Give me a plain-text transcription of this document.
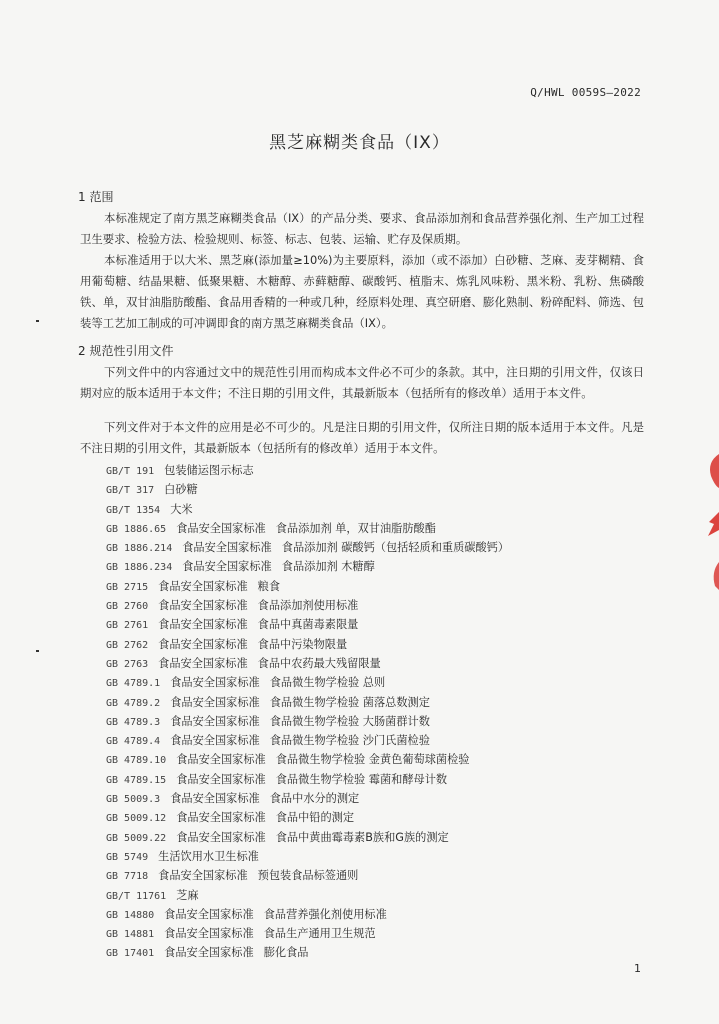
Q/HWL 0059S—2022
黑芝麻糊类食品（IX）
1 范围
本标准规定了南方黑芝麻糊类食品（IX）的产品分类、要求、食品添加剂和食品营养强化剂、生产加工过程卫生要求、检验方法、检验规则、标签、标志、包装、运输、贮存及保质期。
本标准适用于以大米、黑芝麻(添加量≥10%)为主要原料，添加（或不添加）白砂糖、芝麻、麦芽糊精、食用葡萄糖、结晶果糖、低聚果糖、木糖醇、赤藓糖醇、碳酸钙、植脂末、炼乳风味粉、黑米粉、乳粉、焦磷酸铁、单，双甘油脂肪酸酯、食品用香精的一种或几种，经原料处理、真空研磨、膨化熟制、粉碎配料、筛选、包装等工艺加工制成的可冲调即食的南方黑芝麻糊类食品（IX）。
2 规范性引用文件
下列文件中的内容通过文中的规范性引用而构成本文件必不可少的条款。其中，注日期的引用文件，仅该日期对应的版本适用于本文件；不注日期的引用文件，其最新版本（包括所有的修改单）适用于本文件。
下列文件对于本文件的应用是必不可少的。凡是注日期的引用文件，仅所注日期的版本适用于本文件。凡是不注日期的引用文件，其最新版本（包括所有的修改单）适用于本文件。
GB/T 191 包装储运图示标志
GB/T 317 白砂糖
GB/T 1354 大米
GB 1886.65 食品安全国家标准 食品添加剂 单，双甘油脂肪酸酯
GB 1886.214 食品安全国家标准 食品添加剂 碳酸钙（包括轻质和重质碳酸钙）
GB 1886.234 食品安全国家标准 食品添加剂 木糖醇
GB 2715 食品安全国家标准 粮食
GB 2760 食品安全国家标准 食品添加剂使用标准
GB 2761 食品安全国家标准 食品中真菌毒素限量
GB 2762 食品安全国家标准 食品中污染物限量
GB 2763 食品安全国家标准 食品中农药最大残留限量
GB 4789.1 食品安全国家标准 食品微生物学检验 总则
GB 4789.2 食品安全国家标准 食品微生物学检验 菌落总数测定
GB 4789.3 食品安全国家标准 食品微生物学检验 大肠菌群计数
GB 4789.4 食品安全国家标准 食品微生物学检验 沙门氏菌检验
GB 4789.10 食品安全国家标准 食品微生物学检验 金黄色葡萄球菌检验
GB 4789.15 食品安全国家标准 食品微生物学检验 霉菌和酵母计数
GB 5009.3 食品安全国家标准 食品中水分的测定
GB 5009.12 食品安全国家标准 食品中铅的测定
GB 5009.22 食品安全国家标准 食品中黄曲霉毒素B族和G族的测定
GB 5749 生活饮用水卫生标准
GB 7718 食品安全国家标准 预包装食品标签通则
GB/T 11761 芝麻
GB 14880 食品安全国家标准 食品营养强化剂使用标准
GB 14881 食品安全国家标准 食品生产通用卫生规范
GB 17401 食品安全国家标准 膨化食品
1
